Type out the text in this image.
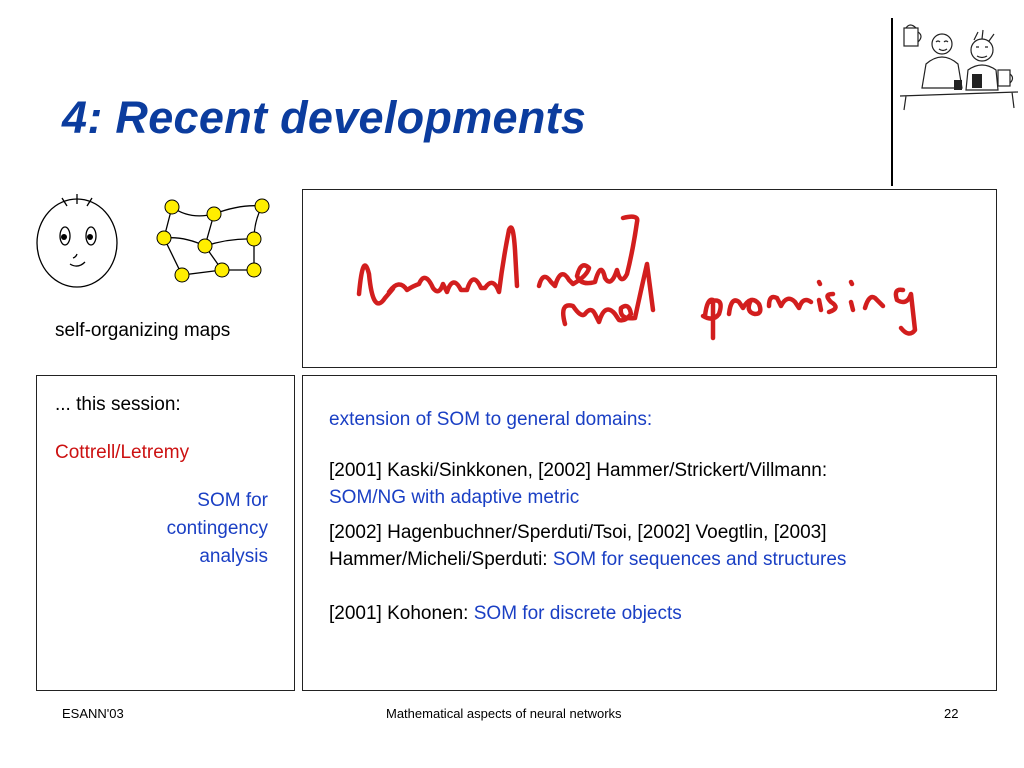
4: Recent developments
self-organizing maps
... this session:
Cottrell/Letremy
SOM for
contingency
analysis
extension of SOM to general domains:
[2001] Kaski/Sinkkonen, [2002] Hammer/Strickert/Villmann:
SOM/NG with adaptive metric
[2002] Hagenbuchner/Sperduti/Tsoi, [2002] Voegtlin, [2003]
Hammer/Micheli/Sperduti: SOM for sequences and structures
[2001] Kohonen: SOM for discrete objects
ESANN'03	Mathematical aspects of neural networks	22
